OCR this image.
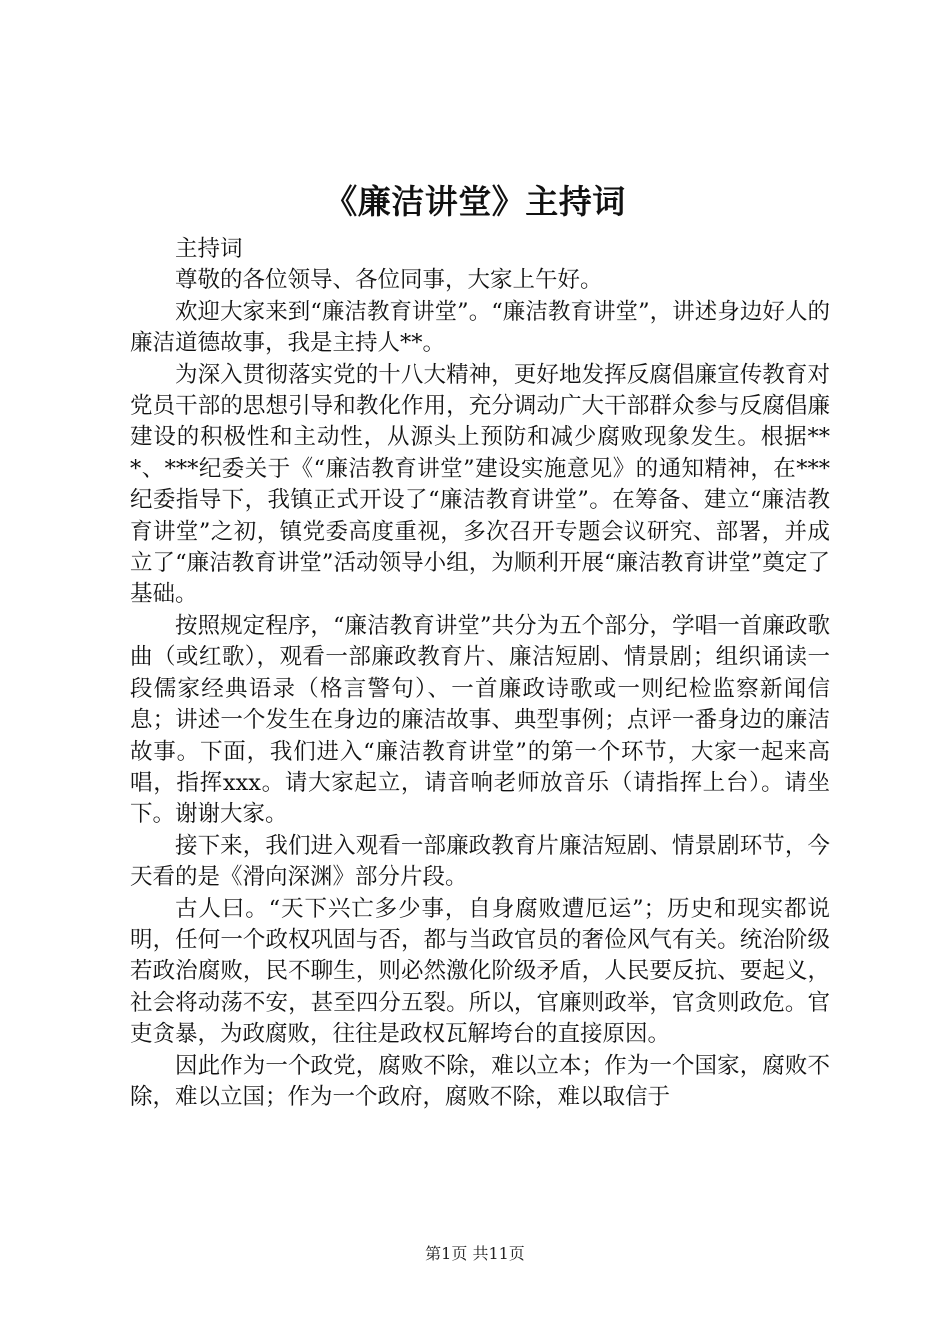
《廉洁讲堂》主持词

主持词

尊敬的各位领导、各位同事，大家上午好。

欢迎大家来到“廉洁教育讲堂”。“廉洁教育讲堂”，讲述身边好人的廉洁道德故事，我是主持人**。

为深入贯彻落实党的十八大精神，更好地发挥反腐倡廉宣传教育对党员干部的思想引导和教化作用，充分调动广大干部群众参与反腐倡廉建设的积极性和主动性，从源头上预防和减少腐败现象发生。根据***、***纪委关于《“廉洁教育讲堂”建设实施意见》的通知精神，在***纪委指导下，我镇正式开设了“廉洁教育讲堂”。在筹备、建立“廉洁教育讲堂”之初，镇党委高度重视，多次召开专题会议研究、部署，并成立了“廉洁教育讲堂”活动领导小组，为顺利开展“廉洁教育讲堂”奠定了基础。

按照规定程序，“廉洁教育讲堂”共分为五个部分，学唱一首廉政歌曲（或红歌），观看一部廉政教育片、廉洁短剧、情景剧；组织诵读一段儒家经典语录（格言警句）、一首廉政诗歌或一则纪检监察新闻信息；讲述一个发生在身边的廉洁故事、典型事例；点评一番身边的廉洁故事。下面，我们进入“廉洁教育讲堂”的第一个环节，大家一起来高唱，指挥xxx。请大家起立，请音响老师放音乐（请指挥上台）。请坐下。谢谢大家。

接下来，我们进入观看一部廉政教育片廉洁短剧、情景剧环节，今天看的是《滑向深渊》部分片段。

古人曰。“天下兴亡多少事，自身腐败遭厄运”；历史和现实都说明，任何一个政权巩固与否，都与当政官员的奢俭风气有关。统治阶级若政治腐败，民不聊生，则必然激化阶级矛盾，人民要反抗、要起义，社会将动荡不安，甚至四分五裂。所以，官廉则政举，官贪则政危。官吏贪暴，为政腐败，往往是政权瓦解垮台的直接原因。

因此作为一个政党，腐败不除，难以立本；作为一个国家，腐败不除，难以立国；作为一个政府，腐败不除，难以取信于

第1页 共11页
